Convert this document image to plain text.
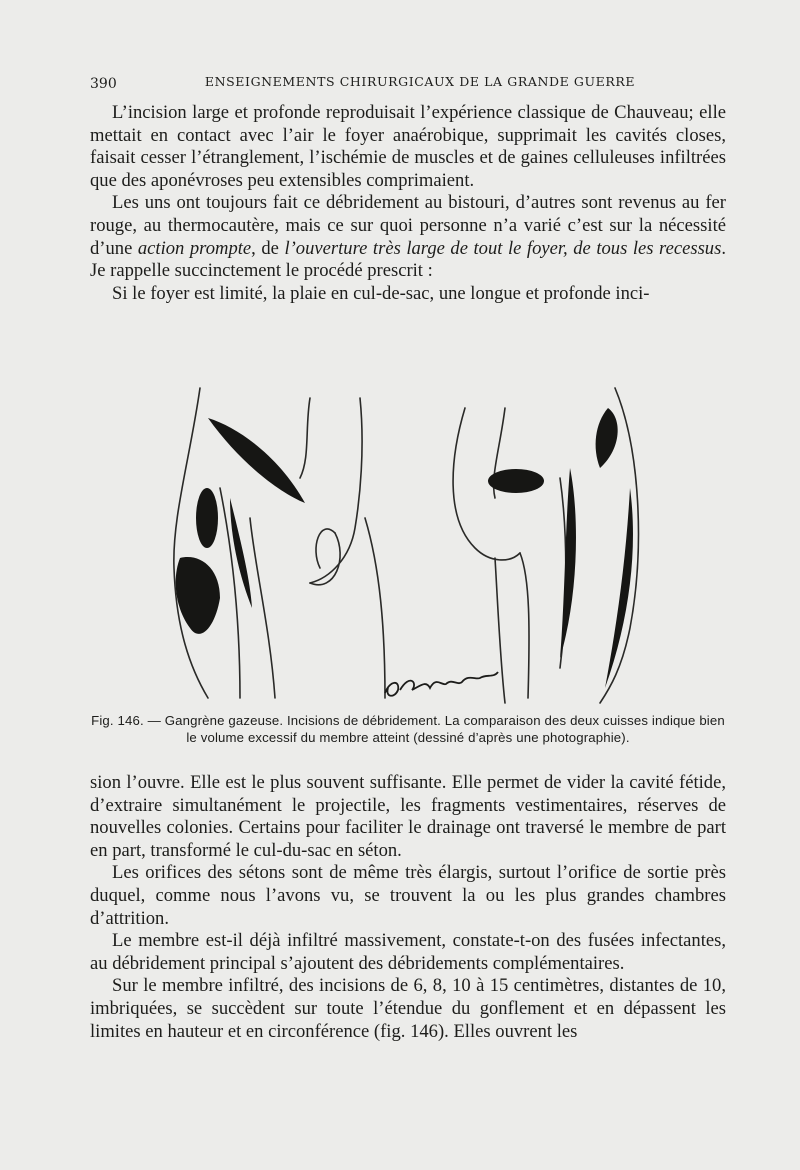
390	ENSEIGNEMENTS CHIRURGICAUX DE LA GRANDE GUERRE

L’incision large et profonde reproduisait l’expérience classique de Chauveau; elle mettait en contact avec l’air le foyer anaérobique, supprimait les cavités closes, faisait cesser l’étranglement, l’ischémie de muscles et de gaines celluleuses infiltrées que des aponévroses peu extensibles comprimaient.

Les uns ont toujours fait ce débridement au bistouri, d’autres sont revenus au fer rouge, au thermocautère, mais ce sur quoi personne n’a varié c’est sur la nécessité d’une action prompte, de l’ouverture très large de tout le foyer, de tous les recessus. Je rappelle succinctement le procédé prescrit :

Si le foyer est limité, la plaie en cul-de-sac, une longue et profonde inci-

Fig. 146. — Gangrène gazeuse. Incisions de débridement. La comparaison des deux cuisses indique bien le volume excessif du membre atteint (dessiné d’après une photographie).

sion l’ouvre. Elle est le plus souvent suffisante. Elle permet de vider la cavité fétide, d’extraire simultanément le projectile, les fragments vestimentaires, réserves de nouvelles colonies. Certains pour faciliter le drainage ont traversé le membre de part en part, transformé le cul-du-sac en séton.

Les orifices des sétons sont de même très élargis, surtout l’orifice de sortie près duquel, comme nous l’avons vu, se trouvent la ou les plus grandes chambres d’attrition.

Le membre est-il déjà infiltré massivement, constate-t-on des fusées infectantes, au débridement principal s’ajoutent des débridements complémentaires.

Sur le membre infiltré, des incisions de 6, 8, 10 à 15 centimètres, distantes de 10, imbriquées, se succèdent sur toute l’étendue du gonflement et en dépassent les limites en hauteur et en circonférence (fig. 146). Elles ouvrent les
